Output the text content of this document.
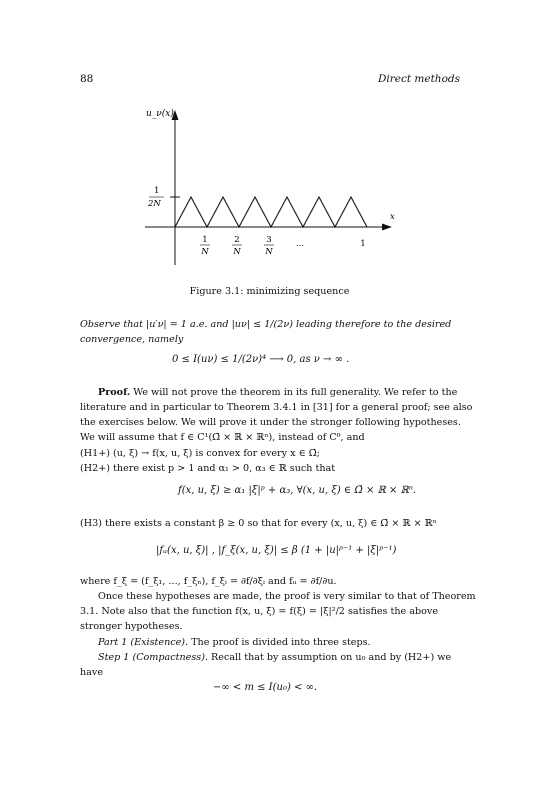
88	Direct methods
u_ν(x)
x
1
2N
1
N
2
N
3
N
...	1
Figure 3.1: minimizing sequence
Observe that |u′ν| = 1 a.e. and |uν| ≤ 1/(2ν) leading therefore to the desired
convergence, namely
0 ≤ I(uν) ≤ 1/(2ν)⁴ ⟶ 0, as ν → ∞ .
Proof. We will not prove the theorem in its full generality. We refer to the
literature and in particular to Theorem 3.4.1 in [31] for a general proof; see also
the exercises below. We will prove it under the stronger following hypotheses.
We will assume that f ∈ C¹(Ω̄ × ℝ × ℝⁿ), instead of C⁰, and
(H1+) (u, ξ) → f(x, u, ξ) is convex for every x ∈ Ω̄;
(H2+) there exist p > 1 and α₁ > 0, α₃ ∈ ℝ such that
f(x, u, ξ) ≥ α₁ |ξ|ᵖ + α₃, ∀(x, u, ξ) ∈ Ω̄ × ℝ × ℝⁿ.
(H3) there exists a constant β ≥ 0 so that for every (x, u, ξ) ∈ Ω̄ × ℝ × ℝⁿ
|fᵤ(x, u, ξ)| , |f_ξ(x, u, ξ)| ≤ β (1 + |u|ᵖ⁻¹ + |ξ|ᵖ⁻¹)
where f_ξ = (f_ξ₁, ..., f_ξₙ), f_ξᵢ = ∂f/∂ξᵢ and fᵤ = ∂f/∂u.
Once these hypotheses are made, the proof is very similar to that of Theorem
3.1. Note also that the function f(x, u, ξ) = f(ξ) = |ξ|²/2 satisfies the above
stronger hypotheses.
Part 1 (Existence). The proof is divided into three steps.
Step 1 (Compactness). Recall that by assumption on u₀ and by (H2+) we
have
−∞ < m ≤ I(u₀) < ∞.
